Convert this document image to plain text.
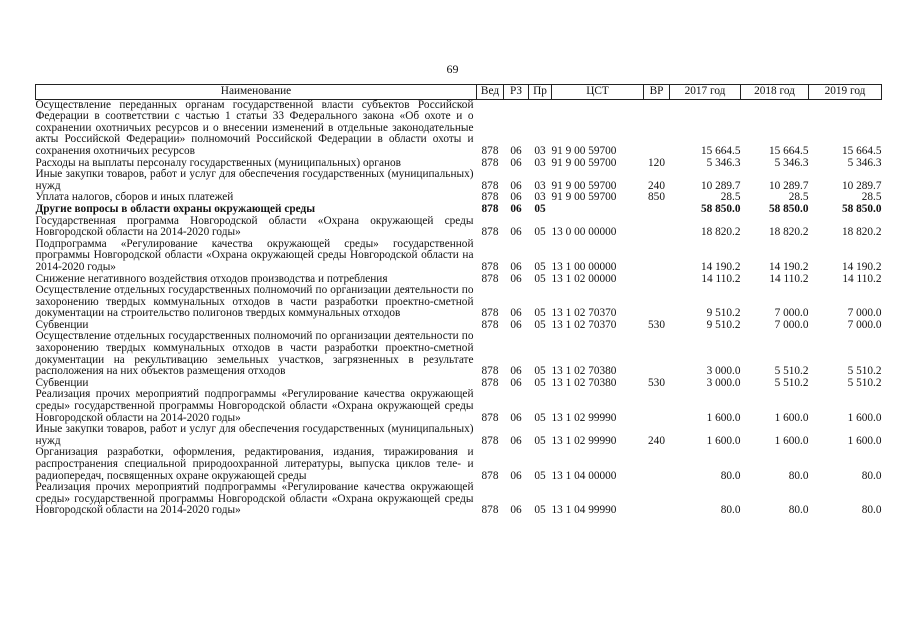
69
Наименование	Вед	РЗ	Пр	ЦСТ	ВР	2017 год	2018 год	2019 год
Осуществление переданных органам государственной власти субъектов Российской Федерации в соответствии с частью 1 статьи 33 Федерального закона «Об охоте и о сохранении охотничьих ресурсов и о внесении изменений в отдельные законодательные акты Российской Федерации» полномочий Российской Федерации в области охоты и сохранения охотничьих ресурсов	878	06	03	91 9 00 59700		15 664.5	15 664.5	15 664.5
Расходы на выплаты персоналу государственных (муниципальных) органов	878	06	03	91 9 00 59700	120	5 346.3	5 346.3	5 346.3
Иные закупки товаров, работ и услуг для обеспечения государственных (муниципальных) нужд	878	06	03	91 9 00 59700	240	10 289.7	10 289.7	10 289.7
Уплата налогов, сборов и иных платежей	878	06	03	91 9 00 59700	850	28.5	28.5	28.5
Другие вопросы в области охраны окружающей среды	878	06	05			58 850.0	58 850.0	58 850.0
Государственная программа Новгородской области «Охрана окружающей среды Новгородской области на 2014-2020 годы»	878	06	05	13 0 00 00000		18 820.2	18 820.2	18 820.2
Подпрограмма «Регулирование качества окружающей среды» государственной программы Новгородской области «Охрана окружающей среды Новгородской области на 2014-2020 годы»	878	06	05	13 1 00 00000		14 190.2	14 190.2	14 190.2
Снижение негативного воздействия отходов производства и потребления	878	06	05	13 1 02 00000		14 110.2	14 110.2	14 110.2
Осуществление отдельных государственных полномочий по организации деятельности по захоронению твердых коммунальных отходов в части разработки проектно-сметной документации на строительство полигонов твердых коммунальных отходов	878	06	05	13 1 02 70370		9 510.2	7 000.0	7 000.0
Субвенции	878	06	05	13 1 02 70370	530	9 510.2	7 000.0	7 000.0
Осуществление отдельных государственных полномочий по организации деятельности по захоронению твердых коммунальных отходов в части разработки проектно-сметной документации на рекультивацию земельных участков, загрязненных в результате расположения на них объектов размещения отходов	878	06	05	13 1 02 70380		3 000.0	5 510.2	5 510.2
Субвенции	878	06	05	13 1 02 70380	530	3 000.0	5 510.2	5 510.2
Реализация прочих мероприятий подпрограммы «Регулирование качества окружающей среды» государственной программы Новгородской области «Охрана окружающей среды Новгородской области на 2014-2020 годы»	878	06	05	13 1 02 99990		1 600.0	1 600.0	1 600.0
Иные закупки товаров, работ и услуг для обеспечения государственных (муниципальных) нужд	878	06	05	13 1 02 99990	240	1 600.0	1 600.0	1 600.0
Организация разработки, оформления, редактирования, издания, тиражирования и распространения специальной природоохранной литературы, выпуска циклов теле- и радиопередач, посвященных охране окружающей среды	878	06	05	13 1 04 00000		80.0	80.0	80.0
Реализация прочих мероприятий подпрограммы «Регулирование качества окружающей среды» государственной программы Новгородской области «Охрана окружающей среды Новгородской области на 2014-2020 годы»	878	06	05	13 1 04 99990		80.0	80.0	80.0
